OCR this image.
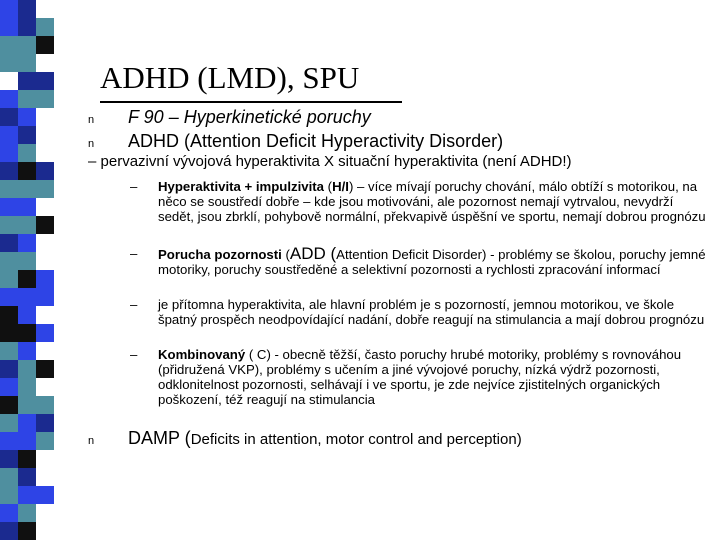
ADHD (LMD), SPU
n F 90 – Hyperkinetické poruchy
n ADHD (Attention Deficit Hyperactivity Disorder)
– pervazivní vývojová hyperaktivita X situační hyperaktivita (není ADHD!)
– Hyperaktivita + impulzivita (H/I) – více mívají poruchy chování, málo obtíží s motorikou, na něco se soustředí dobře – kde jsou motivováni, ale pozornost nemají vytrvalou, nevydrží sedět, jsou zbrklí, pohybově normální, překvapivě úspěšní ve sportu, nemají dobrou prognózu
– Porucha pozornosti (ADD (Attention Deficit Disorder) - problémy se školou, poruchy jemné motoriky, poruchy soustředěné a selektivní pozornosti a rychlosti zpracování informací
– je přítomna hyperaktivita, ale hlavní problém je s pozorností, jemnou motorikou, ve škole špatný prospěch neodpovídající nadání, dobře reagují na stimulancia a mají dobrou prognózu
– Kombinovaný ( C) - obecně těžší, často poruchy hrubé motoriky, problémy s rovnováhou (přidružená VKP), problémy s učením a jiné vývojové poruchy, nízká výdrž pozornosti, odklonitelnost pozornosti, selhávají i ve sportu, je zde nejvíce zjistitelných organických poškození, též reagují na stimulancia
n DAMP (Deficits in attention, motor control and perception)
